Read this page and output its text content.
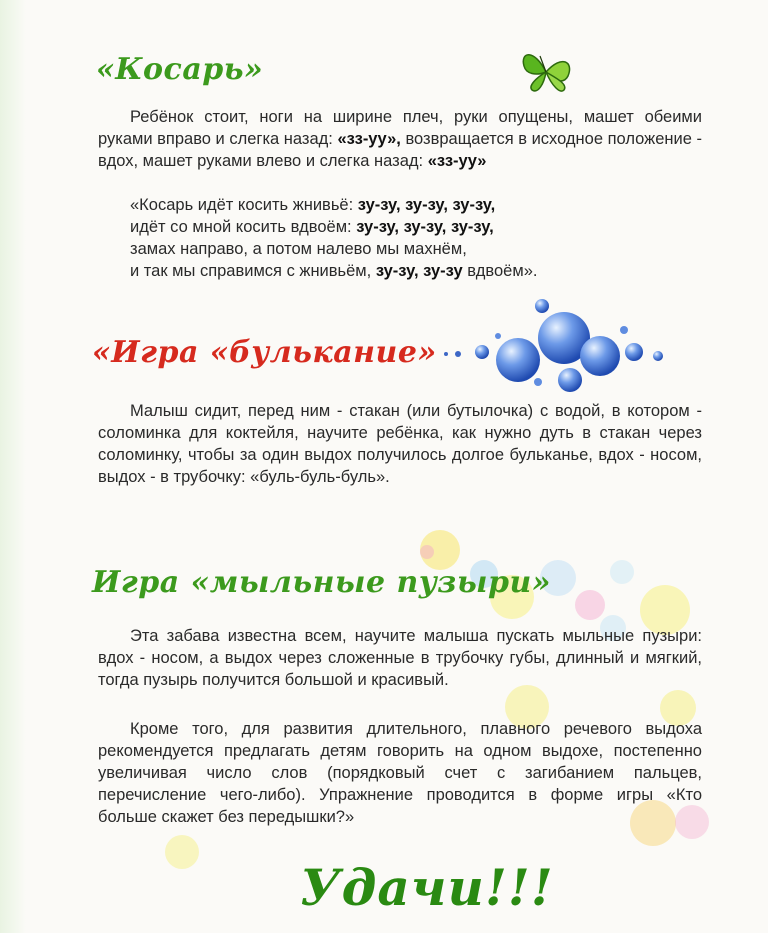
«Косарь»

Ребёнок стоит, ноги на ширине плеч, руки опущены, машет обеими руками вправо и слегка назад: «зз-уу», возвращается в исходное положение - вдох, машет руками влево и слегка назад: «зз-уу»

«Косарь идёт косить жнивьё: зу-зу, зу-зу, зу-зу,
идёт со мной косить вдвоём: зу-зу, зу-зу, зу-зу,
замах направо, а потом налево мы махнём,
и так мы справимся с жнивьём, зу-зу, зу-зу вдвоём».
«Игра «бульканиe»

Малыш сидит, перед ним - стакан (или бутылочка) с водой, в котором - соломинка для коктейля, научите ребёнка, как нужно дуть в стакан через соломинку, чтобы за один выдох получилось долгое бульканье, вдох - носом, выдох - в трубочку: «буль-буль-буль».

Игра «мыльные пузыри»

Эта забава известна всем, научите малыша пускать мыльные пузыри: вдох - носом, а выдох через сложенные в трубочку губы, длинный и мягкий, тогда пузырь получится большой и красивый.

Кроме того, для развития длительного, плавного речевого выдоха рекомендуется предлагать детям говорить на одном выдохе, постепенно увеличивая число слов (порядковый счет с загибанием пальцев, перечисление чего-либо). Упражнение проводится в форме игры «Кто больше скажет без передышки?»

Удачи!!!
